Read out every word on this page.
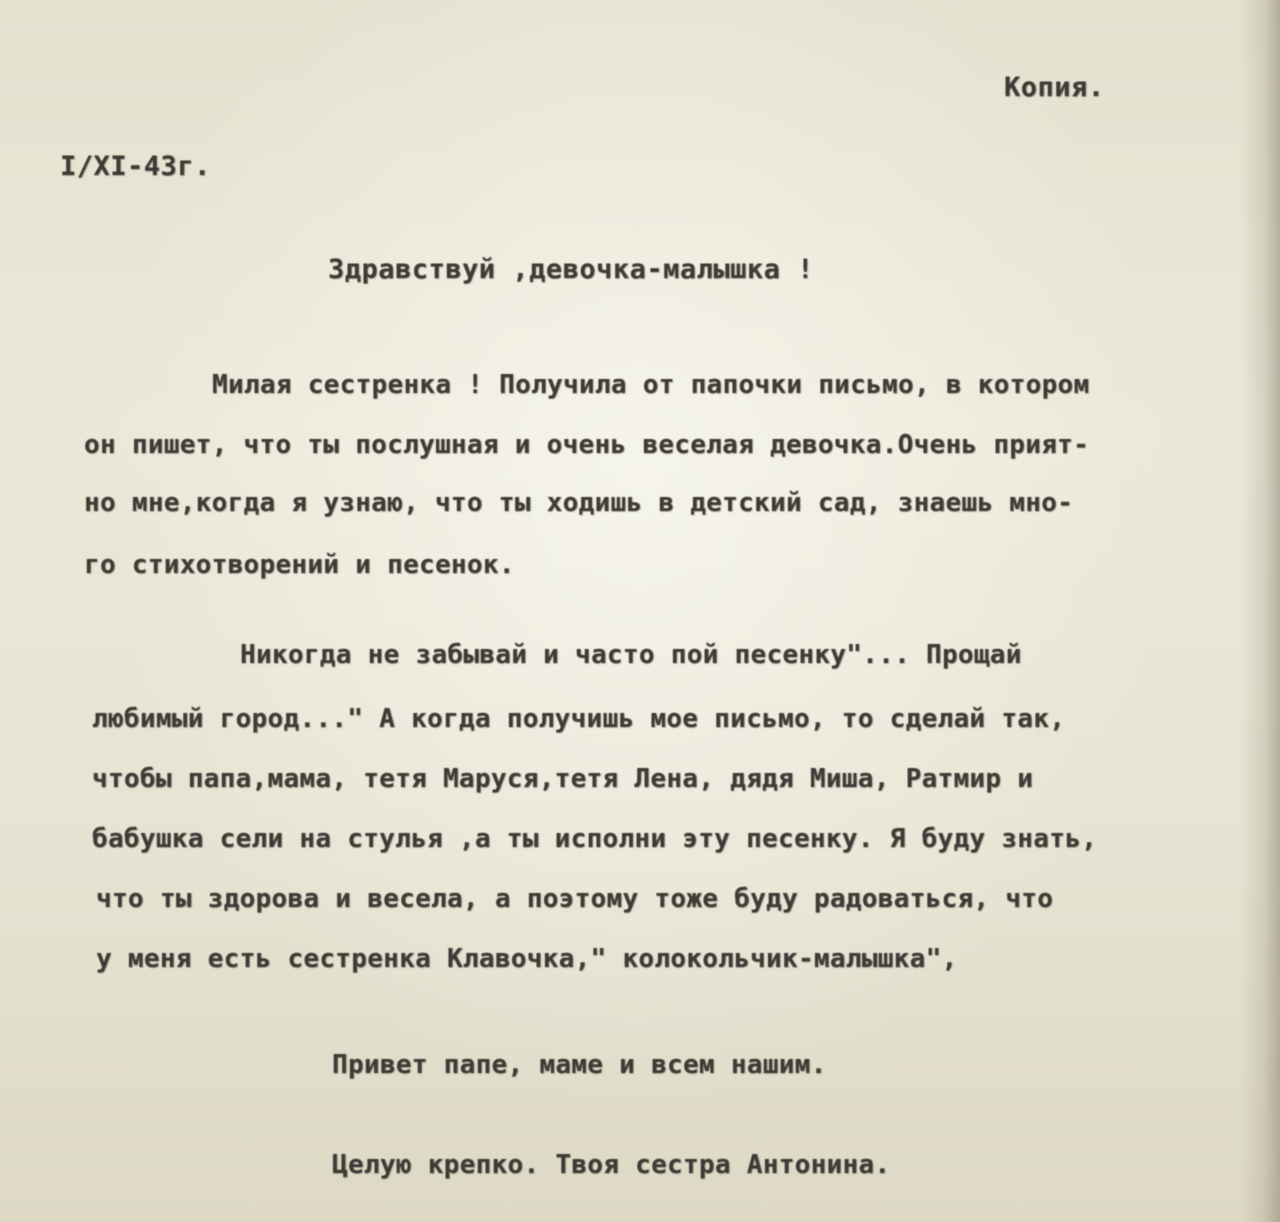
Копия.
I/XI-43г.
Здравствуй ,девочка-малышка !
Милая сестренка ! Получила от папочки письмо, в котором
он пишет, что ты послушная и очень веселая девочка.Очень прият-
но мне,когда я узнаю, что ты ходишь в детский сад, знаешь мно-
го стихотворений и песенок.
Никогда не забывай и часто пой песенку"... Прощай
любимый город..." А когда получишь мое письмо, то сделай так,
чтобы папа,мама, тетя Маруся,тетя Лена, дядя Миша, Ратмир и
бабушка сели на стулья ,а ты исполни эту песенку. Я буду знать,
что ты здорова и весела, а поэтому тоже буду радоваться, что
у меня есть сестренка Клавочка," колокольчик-малышка",
Привет папе, маме и всем нашим.
Целую крепко. Твоя сестра Антонина.
